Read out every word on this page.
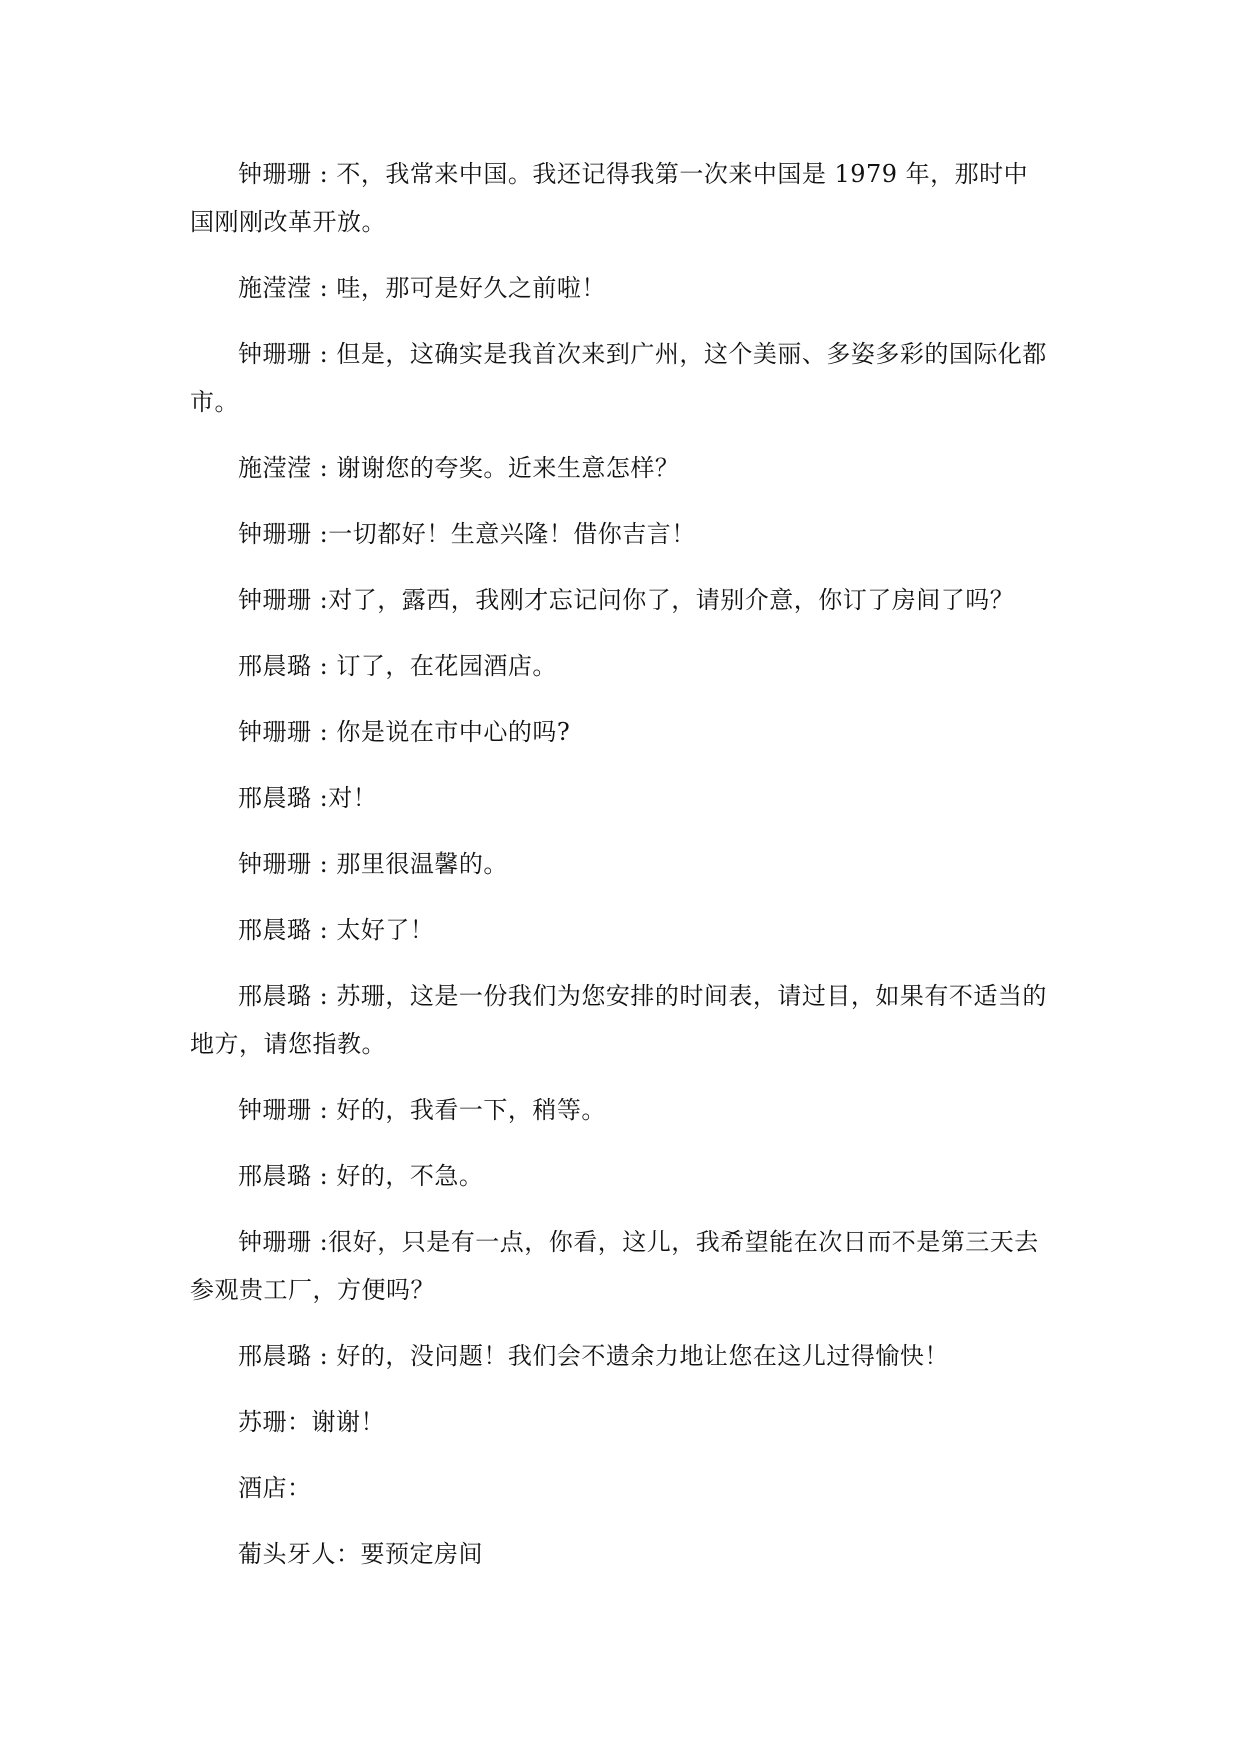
钟珊珊 : 不，我常来中国。我还记得我第一次来中国是 1979 年，那时中国刚刚改革开放。

施滢滢 : 哇，那可是好久之前啦！

钟珊珊 : 但是，这确实是我首次来到广州，这个美丽、多姿多彩的国际化都市。

施滢滢 : 谢谢您的夸奖。近来生意怎样？

钟珊珊 :一切都好！生意兴隆！借你吉言！

钟珊珊 :对了，露西，我刚才忘记问你了，请别介意，你订了房间了吗？

邢晨璐 : 订了，在花园酒店。

钟珊珊 : 你是说在市中心的吗?

邢晨璐 :对！

钟珊珊 : 那里很温馨的。

邢晨璐 : 太好了！

邢晨璐 : 苏珊，这是一份我们为您安排的时间表，请过目，如果有不适当的地方，请您指教。

钟珊珊 : 好的，我看一下，稍等。

邢晨璐 : 好的，不急。

钟珊珊 :很好，只是有一点，你看，这儿，我希望能在次日而不是第三天去参观贵工厂，方便吗？

邢晨璐 : 好的，没问题！我们会不遗余力地让您在这儿过得愉快！

苏珊：谢谢！

酒店：

葡头牙人：要预定房间
